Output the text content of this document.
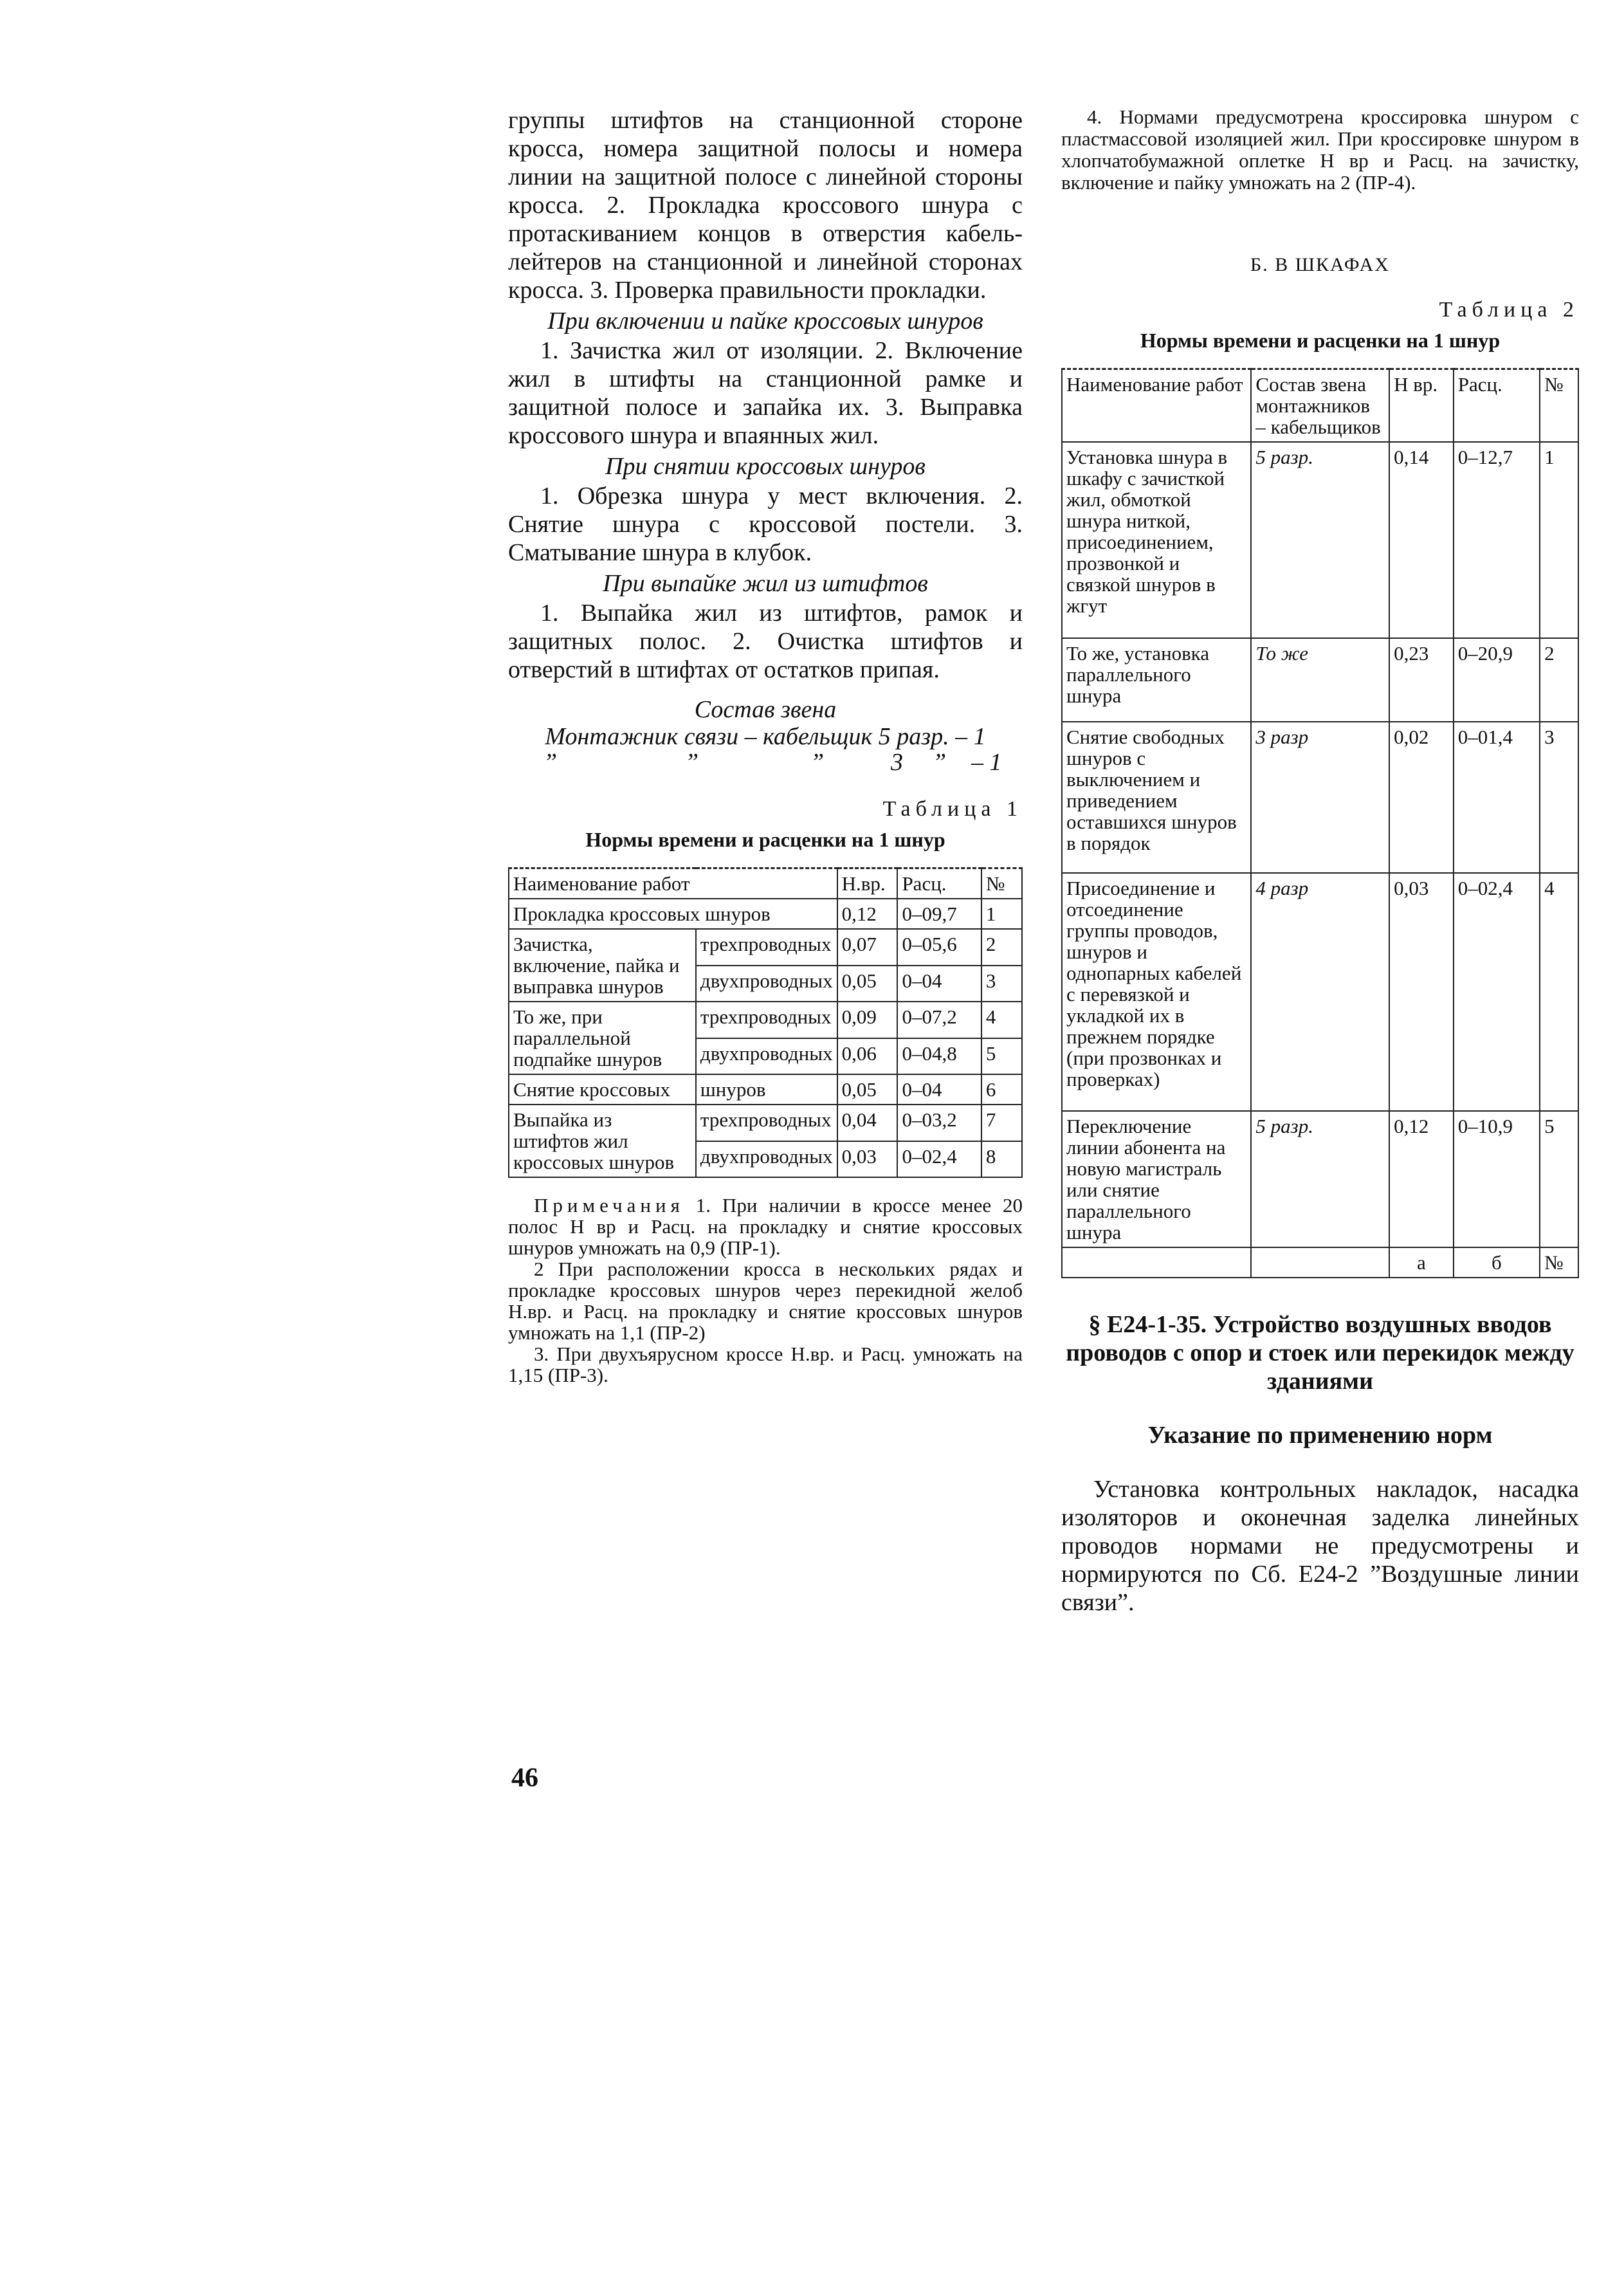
группы штифтов на станционной стороне кросса, номера защитной полосы и номера линии на защитной полосе с линейной стороны кросса. 2. Прокладка кроссового шнура с протаскиванием концов в отверстия кабель-лейтеров на станционной и линейной сторонах кросса. 3. Проверка правильности прокладки.

При включении и пайке кроссовых шнуров

1. Зачистка жил от изоляции. 2. Включение жил в штифты на станционной рамке и защитной полосе и запайка их. 3. Выправка кроссового шнура и впаянных жил.

При снятии кроссовых шнуров

1. Обрезка шнура у мест включения. 2. Снятие шнура с кроссовой постели. 3. Сматывание шнура в клубок.

При выпайке жил из штифтов

1. Выпайка жил из штифтов, рамок и защитных полос. 2. Очистка штифтов и отверстий в штифтах от остатков припая.

Состав звена
Монтажник связи – кабельщик 5 разр. – 1
”	”	”	3 ” – 1
Таблица 1
Нормы времени и расценки на 1 шнур
Наименование работ		Н.вр.	Расц.	№
Прокладка кроссовых шнуров		0,12	0–09,7	1
Зачистка, включение, пайка и выправка шнуров	трехпроводных	0,07	0–05,6	2
	двухпроводных	0,05	0–04	3
То же, при параллельной подпайке шнуров	трехпроводных	0,09	0–07,2	4
	двухпроводных	0,06	0–04,8	5
Снятие кроссовых	шнуров	0,05	0–04	6
Выпайка из штифтов жил кроссовых шнуров	трехпроводных	0,04	0–03,2	7
	двухпроводных	0,03	0–02,4	8

Примечания 1. При наличии в кроссе менее 20 полос Н вр и Расц. на прокладку и снятие кроссовых шнуров умножать на 0,9 (ПР-1).

2 При расположении кросса в нескольких рядах и прокладке кроссовых шнуров через перекидной желоб Н.вр. и Расц. на прокладку и снятие кроссовых шнуров умножать на 1,1 (ПР-2)

3. При двухъярусном кроссе Н.вр. и Расц. умножать на 1,15 (ПР-3).

4. Нормами предусмотрена кроссировка шнуром с пластмассовой изоляцией жил. При кроссировке шнуром в хлопчатобумажной оплетке Н вр и Расц. на зачистку, включение и пайку умножать на 2 (ПР-4).

Б. В ШКАФАХ
Таблица 2
Нормы времени и расценки на 1 шнур
Наименование работ	Состав звена монтажников – кабельщиков	Н вр.	Расц.	№
Установка шнура в шкафу с зачисткой жил, обмоткой шнура ниткой, присоединением, прозвонкой и связкой шнуров в жгут	5 разр.	0,14	0–12,7	1
То же, установка параллельного шнура	То же	0,23	0–20,9	2
Снятие свободных шнуров с выключением и приведением оставшихся шнуров в порядок	3 разр	0,02	0–01,4	3
Присоединение и отсоединение группы проводов, шнуров и однопарных кабелей с перевязкой и укладкой их в прежнем порядке (при прозвонках и проверках)	4 разр	0,03	0–02,4	4
Переключение линии абонента на новую магистраль или снятие параллельного шнура	5 разр.	0,12	0–10,9	5
		а	б	№
§ Е24-1-35. Устройство воздушных вводов проводов с опор и стоек или перекидок между зданиями
Указание по применению норм

Установка контрольных накладок, насадка изоляторов и оконечная заделка линейных проводов нормами не предусмотрены и нормируются по Сб. Е24-2 ”Воздушные линии связи”.

46
